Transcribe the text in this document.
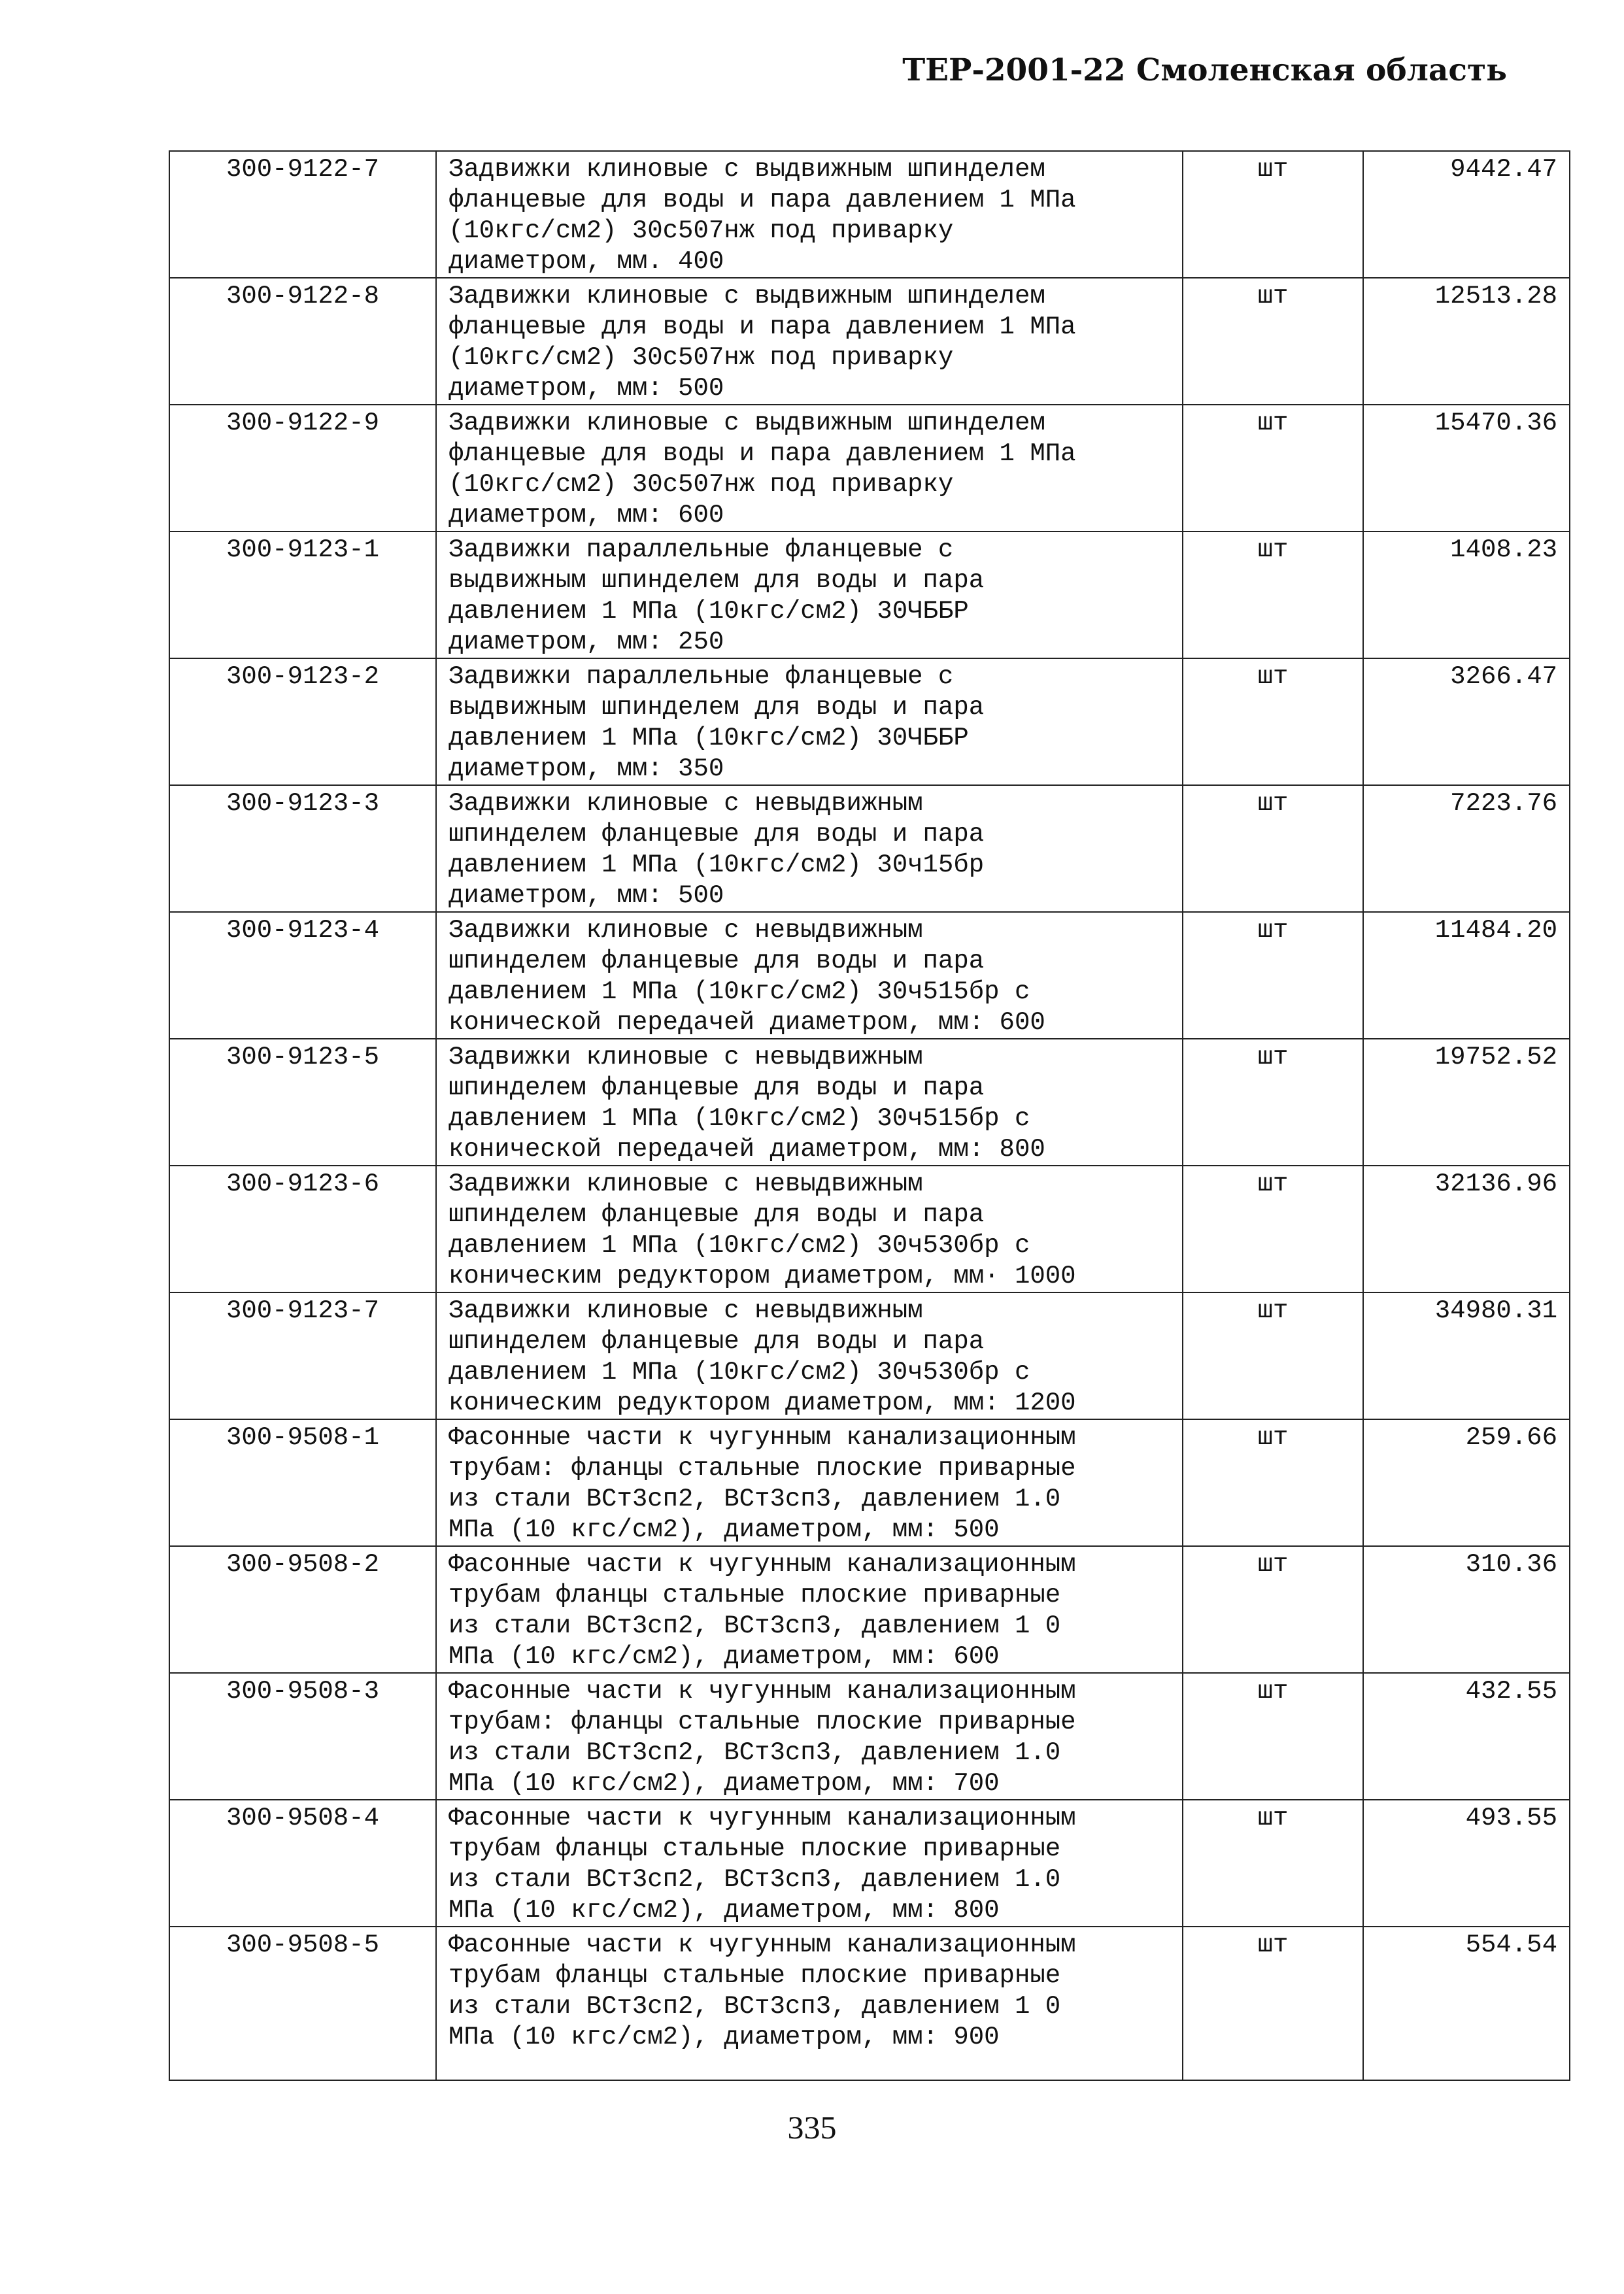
ТЕР-2001-22 Смоленская область
300-9122-7	Задвижки клиновые с выдвижным шпинделем
фланцевые для воды и пара давлением 1 МПа
(10кгс/см2) 30с507нж под приварку
диаметром, мм. 400	шт	9442.47
300-9122-8	Задвижки клиновые с выдвижным шпинделем
фланцевые для воды и пара давлением 1 МПа
(10кгс/см2) 30с507нж под приварку
диаметром, мм: 500	шт	12513.28
300-9122-9	Задвижки клиновые с выдвижным шпинделем
фланцевые для воды и пара давлением 1 МПа
(10кгс/см2) 30с507нж под приварку
диаметром, мм: 600	шт	15470.36
300-9123-1	Задвижки параллельные фланцевые с
выдвижным шпинделем для воды и пара
давлением 1 МПа (10кгс/см2) 30ЧББР
диаметром, мм: 250	шт	1408.23
300-9123-2	Задвижки параллельные фланцевые с
выдвижным шпинделем для воды и пара
давлением 1 МПа (10кгс/см2) 30ЧББР
диаметром, мм: 350	шт	3266.47
300-9123-3	Задвижки клиновые с невыдвижным
шпинделем фланцевые для воды и пара
давлением 1 МПа (10кгс/см2) 30ч15бр
диаметром, мм: 500	шт	7223.76
300-9123-4	Задвижки клиновые с невыдвижным
шпинделем фланцевые для воды и пара
давлением 1 МПа (10кгс/см2) 30ч515бр с
конической передачей диаметром, мм: 600	шт	11484.20
300-9123-5	Задвижки клиновые с невыдвижным
шпинделем фланцевые для воды и пара
давлением 1 МПа (10кгс/см2) 30ч515бр с
конической передачей диаметром, мм: 800	шт	19752.52
300-9123-6	Задвижки клиновые с невыдвижным
шпинделем фланцевые для воды и пара
давлением 1 МПа (10кгс/см2) 30ч530бр с
коническим редуктором диаметром, мм· 1000	шт	32136.96
300-9123-7	Задвижки клиновые с невыдвижным
шпинделем фланцевые для воды и пара
давлением 1 МПа (10кгс/см2) 30ч530бр с
коническим редуктором диаметром, мм: 1200	шт	34980.31
300-9508-1	Фасонные части к чугунным канализационным
трубам: фланцы стальные плоские приварные
из стали ВСт3сп2, ВСт3сп3, давлением 1.0
МПа (10 кгс/см2), диаметром, мм: 500	шт	259.66
300-9508-2	Фасонные части к чугунным канализационным
трубам фланцы стальные плоские приварные
из стали ВСт3сп2, ВСт3сп3, давлением 1 0
МПа (10 кгс/см2), диаметром, мм: 600	шт	310.36
300-9508-3	Фасонные части к чугунным канализационным
трубам: фланцы стальные плоские приварные
из стали ВСт3сп2, ВСт3сп3, давлением 1.0
МПа (10 кгс/см2), диаметром, мм: 700	шт	432.55
300-9508-4	Фасонные части к чугунным канализационным
трубам фланцы стальные плоские приварные
из стали ВСт3сп2, ВСт3сп3, давлением 1.0
МПа (10 кгс/см2), диаметром, мм: 800	шт	493.55
300-9508-5	Фасонные части к чугунным канализационным
трубам фланцы стальные плоские приварные
из стали ВСт3сп2, ВСт3сп3, давлением 1 0
МПа (10 кгс/см2), диаметром, мм: 900	шт	554.54
335
